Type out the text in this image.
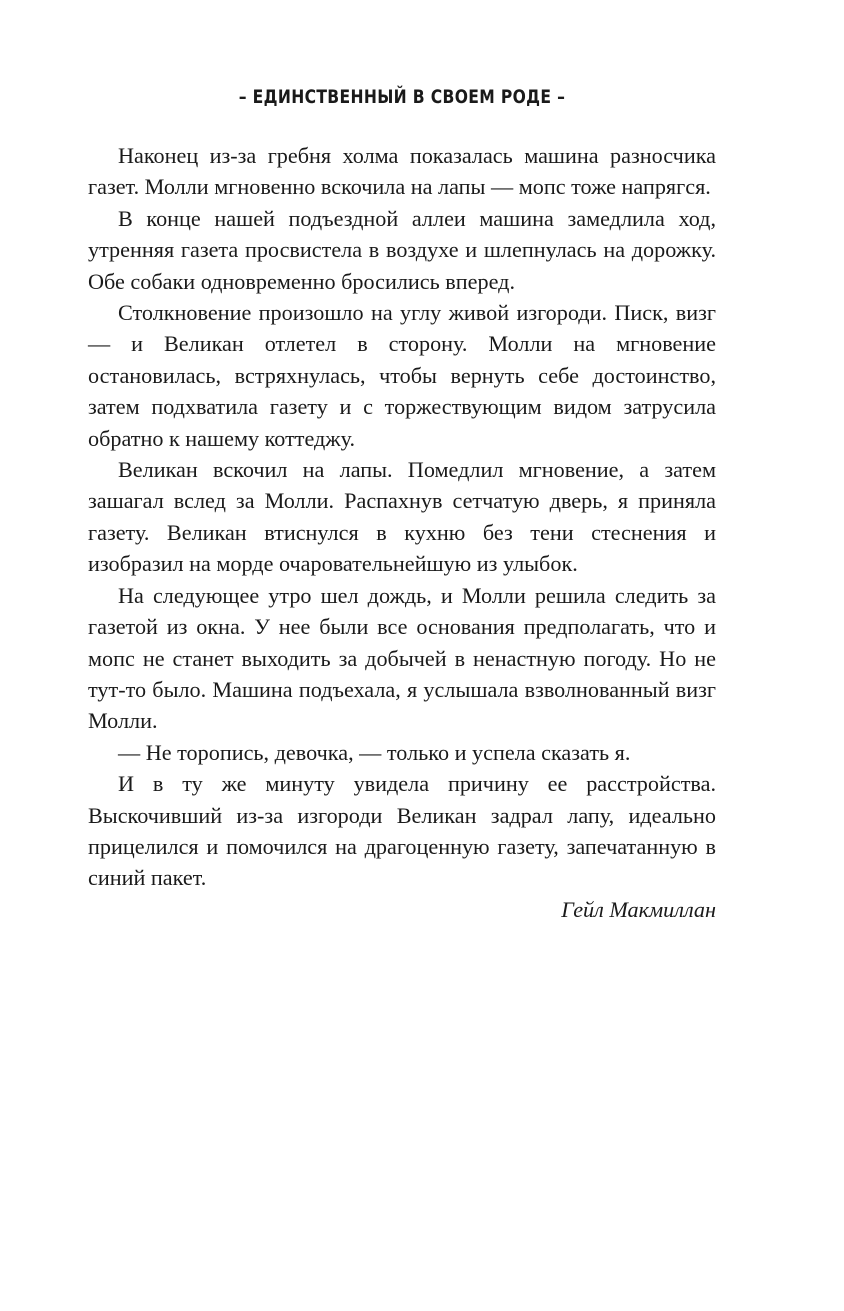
– ЕДИНСТВЕННЫЙ В СВОЕМ РОДЕ –

Наконец из-за гребня холма показалась машина разносчика газет. Молли мгновенно вскочила на лапы — мопс тоже напрягся.

В конце нашей подъездной аллеи машина замедлила ход, утренняя газета просвистела в воздухе и шлепнулась на дорожку. Обе собаки одновременно бросились вперед.

Столкновение произошло на углу живой изгороди. Писк, визг — и Великан отлетел в сторону. Молли на мгновение остановилась, встряхнулась, чтобы вернуть себе достоинство, затем подхватила газету и с торжествующим видом затрусила обратно к нашему коттеджу.

Великан вскочил на лапы. Помедлил мгновение, а затем зашагал вслед за Молли. Распахнув сетчатую дверь, я приняла газету. Великан втиснулся в кухню без тени стеснения и изобразил на морде очаровательнейшую из улыбок.

На следующее утро шел дождь, и Молли решила следить за газетой из окна. У нее были все основания предполагать, что и мопс не станет выходить за добычей в ненастную погоду. Но не тут-то было. Машина подъехала, я услышала взволнованный визг Молли.

— Не торопись, девочка, — только и успела сказать я.

И в ту же минуту увидела причину ее расстройства. Выскочивший из-за изгороди Великан задрал лапу, идеально прицелился и помочился на драгоценную газету, запечатанную в синий пакет.

Гейл Макмиллан
